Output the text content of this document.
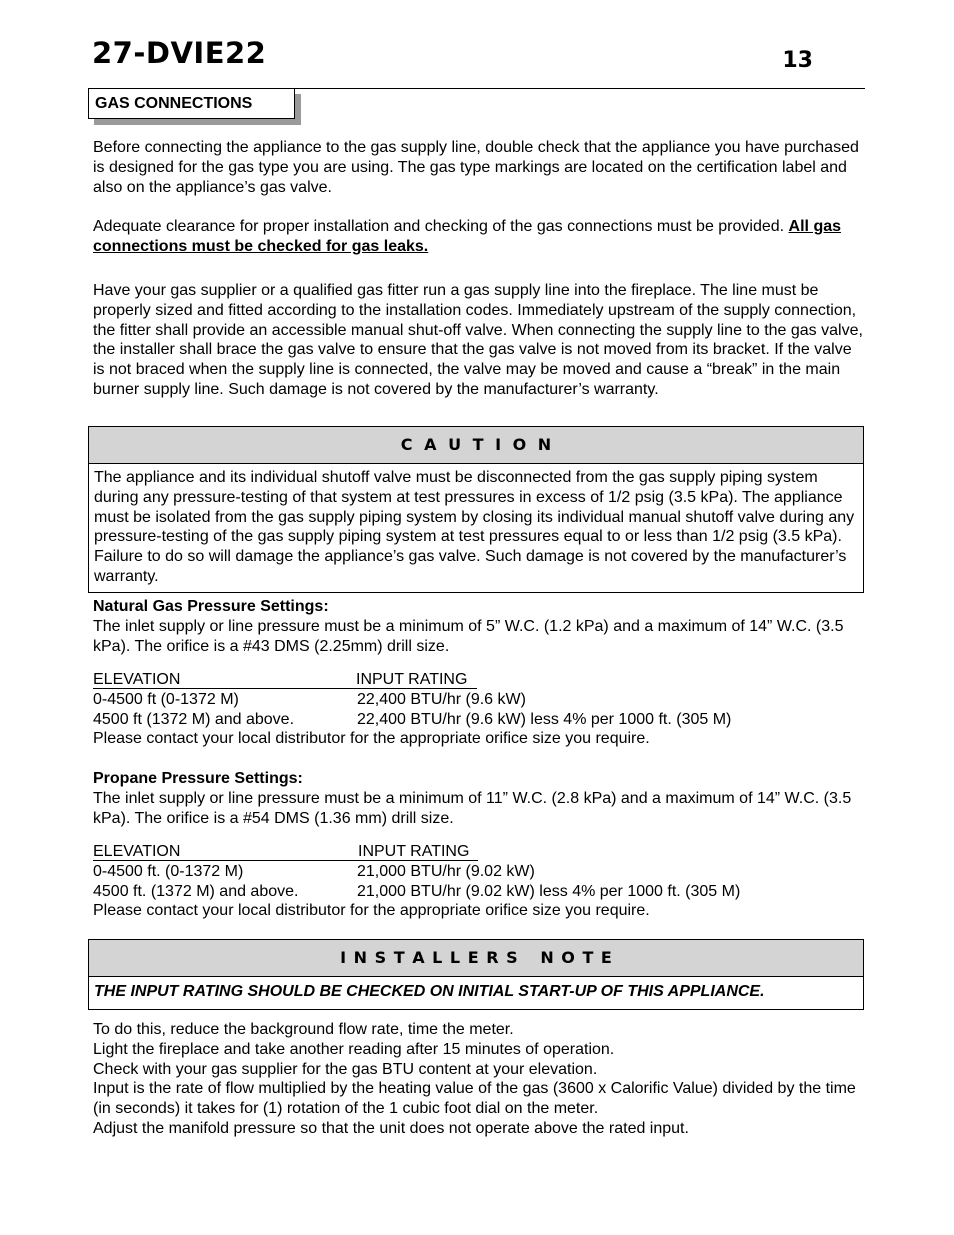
27-DVIE22	13
GAS CONNECTIONS

Before connecting the appliance to the gas supply line, double check that the appliance you have purchased is designed for the gas type you are using. The gas type markings are located on the certification label and also on the appliance’s gas valve.

Adequate clearance for proper installation and checking of the gas connections must be provided. All gas connections must be checked for gas leaks.

Have your gas supplier or a qualified gas fitter run a gas supply line into the fireplace. The line must be properly sized and fitted according to the installation codes. Immediately upstream of the supply connection, the fitter shall provide an accessible manual shut-off valve. When connecting the supply line to the gas valve, the installer shall brace the gas valve to ensure that the gas valve is not moved from its bracket. If the valve is not braced when the supply line is connected, the valve may be moved and cause a “break” in the main burner supply line. Such damage is not covered by the manufacturer’s warranty.

C A U T I O N
The appliance and its individual shutoff valve must be disconnected from the gas supply piping system during any pressure-testing of that system at test pressures in excess of 1/2 psig (3.5 kPa). The appliance must be isolated from the gas supply piping system by closing its individual manual shutoff valve during any pressure-testing of the gas supply piping system at test pressures equal to or less than 1/2 psig (3.5 kPa). Failure to do so will damage the appliance’s gas valve. Such damage is not covered by the manufacturer’s warranty.

Natural Gas Pressure Settings:

The inlet supply or line pressure must be a minimum of 5” W.C. (1.2 kPa) and a maximum of 14” W.C. (3.5 kPa). The orifice is a #43 DMS (2.25mm) drill size.

ELEVATION	INPUT RATING
0-4500 ft (0-1372 M)	22,400 BTU/hr (9.6 kW)
4500 ft (1372 M) and above.	22,400 BTU/hr (9.6 kW) less 4% per 1000 ft. (305 M)
Please contact your local distributor for the appropriate orifice size you require.

Propane Pressure Settings:

The inlet supply or line pressure must be a minimum of 11” W.C. (2.8 kPa) and a maximum of 14” W.C. (3.5 kPa). The orifice is a #54 DMS (1.36 mm) drill size.

ELEVATION	INPUT RATING
0-4500 ft. (0-1372 M)	21,000 BTU/hr (9.02 kW)
4500 ft. (1372 M) and above.	21,000 BTU/hr (9.02 kW) less 4% per 1000 ft. (305 M)
Please contact your local distributor for the appropriate orifice size you require.
I N S T A L L E R S   N O T E
THE INPUT RATING SHOULD BE CHECKED ON INITIAL START-UP OF THIS APPLIANCE.
To do this, reduce the background flow rate, time the meter.
Light the fireplace and take another reading after 15 minutes of operation.
Check with your gas supplier for the gas BTU content at your elevation.
Input is the rate of flow multiplied by the heating value of the gas (3600 x Calorific Value) divided by the time (in seconds) it takes for (1) rotation of the 1 cubic foot dial on the meter.
Adjust the manifold pressure so that the unit does not operate above the rated input.
